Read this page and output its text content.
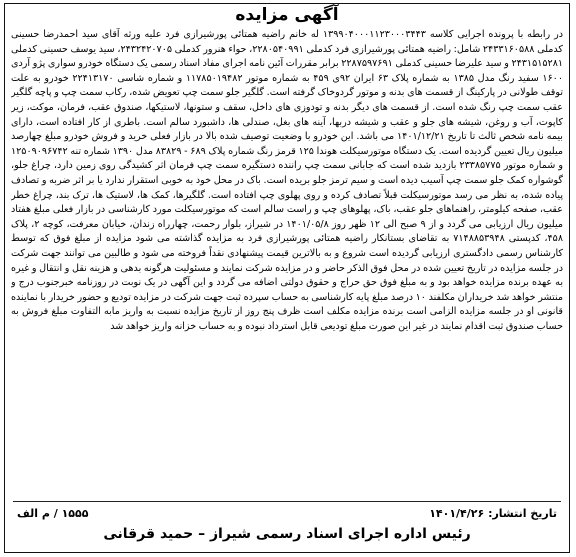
آگهی مزایده

در رابطه با پرونده اجرایی کلاسه ۱۳۹۹۰۴۰۰۰۱۱۲۳۰۰۰۳۴۴۳ له خانم راضیه همتائی پورشیرازی فرد علیه ورثه آقای سید احمدرضا حسینی کدملی ۲۴۳۳۱۶۰۵۸۸ شامل: راضیه همتائی پورشیرازی فرد کدملی ۲۲۸۰۵۴۰۹۹۱، حواء هنرور کدملی ۲۴۳۲۴۲۰۷۰۵، سید یوسف حسینی کدملی ۲۴۳۱۵۱۵۲۸۱ و سید علیرضا حسینی کدملی ۲۲۸۷۵۹۷۶۹۱ برابر مقررات آئین نامه اجرای مفاد اسناد رسمی یک دستگاه خودرو سواری پژو آردی ۱۶۰۰ سفید رنگ مدل ۱۳۸۵ به شماره پلاک ۶۳ ایران ۹۲ی ۴۵۹ به شماره موتور ۱۱۷۸۵۰۱۹۴۸۲ و شماره شاسی ۲۲۴۱۳۱۷۰ خودرو به علت توقف طولانی در پارکینگ از قسمت های بدنه و موتور گردوخاک گرفته است. گلگیر جلو سمت چپ تعویض شده، رکاب سمت چپ و پاچه گلگیر عقب سمت چپ رنگ شده است. از قسمت های دیگر بدنه و تودوزی های داخل، سقف و ستونها، لاستیکها، صندوق عقب، فرمان، موکت، زیر کاپوت، آب و روغن، شیشه های جلو و عقب و شیشه دربها، آینه های بغل، صندلی ها، داشبورد سالم است. باطری از کار افتاده است، دارای بیمه نامه شخص ثالث تا تاریخ ۱۴۰۱/۱۲/۲۱ می باشد. این خودرو با وضعیت توصیف شده بالا در بازار فعلی خرید و فروش خودرو مبلغ چهارصد میلیون ریال تعیین گردیده است. یک دستگاه موتورسیکلت هوندا ۱۲۵ قرمز رنگ شماره پلاک ۶۸۹ - ۸۳۸۲۹ مدل ۱۳۹۰ شماره تنه ۱۲۵۰۹۰۹۶۷۴۲ و شماره موتور ۲۳۳۸۵۷۷۵ بازدید شده است که جابانی سمت چپ راننده دستگیره سمت چپ فرمان اثر کشیدگی روی زمین دارد، چراغ جلو، گوشواره کمک جلو سمت چپ آسیب دیده است و سیم ترمز جلو بریده است. باک در محل خود به خوبی استقرار ندارد یا بر اثر ضربه و تصادف پیاده شده، به نظر می رسد موتورسیکلت قبلاً تصادف کرده و روی پهلوی چپ افتاده است. گلگیرها، کمک ها، لاستیک ها، ترک بند، چراغ خطر عقب، صفحه کیلومتر، راهنماهای جلو عقب، باک، پهلوهای چپ و راست سالم است که موتورسیکلت مورد کارشناسی در بازار فعلی مبلغ هفتاد میلیون ریال ارزیابی می گردد و از ۹ صبح الی ۱۲ ظهر روز ۱۴۰۱/۰۵/۸ در شیراز، بلوار رحمت، چهارراه زندان، خیابان معرفت، کوچه ۲، پلاک ۴۵۸، کدپستی ۷۱۴۸۸۵۳۹۴۸ به تقاضای بستانکار راضیه همتائی پورشیرازی فرد به مزایده گذاشته می شود مزایده از مبلغ فوق که توسط کارشناس رسمی دادگستری ارزیابی گردیده است شروع و به بالاترین قیمت پیشنهادی نقداً فروخته می شود و طالبین می توانند جهت شرکت در جلسه مزایده در تاریخ تعیین شده در محل فوق الذکر حاضر و در مزایده شرکت نمایند و مسئولیت هرگونه بدهی و هزینه نقل و انتقال و غیره به عهده برنده مزایده خواهد بود و به مبلغ فوق حق حراج و حقوق دولتی اضافه می گردد و این آگهی در یک نوبت در روزنامه خبرجنوب درج و منتشر خواهد شد خریداران مکلفند ۱۰ درصد مبلغ پایه کارشناسی به حساب سپرده ثبت جهت شرکت در مزایده تودیع و حضور خریدار با نماینده قانونی او در جلسه مزایده الزامی است برنده مزایده مکلف است ظرف پنج روز از تاریخ مزایده نسبت به واریز مابه التفاوت مبلغ فروش به حساب صندوق ثبت اقدام نمایند در غیر این صورت مبلغ تودیعی قابل استرداد نبوده و به حساب خزانه واریز خواهد شد

تاریخ انتشار: ۱۴۰۱/۴/۲۶
۱۵۵۵ / م الف
رئیس اداره اجرای اسناد رسمی شیراز – حمید قرقانی
